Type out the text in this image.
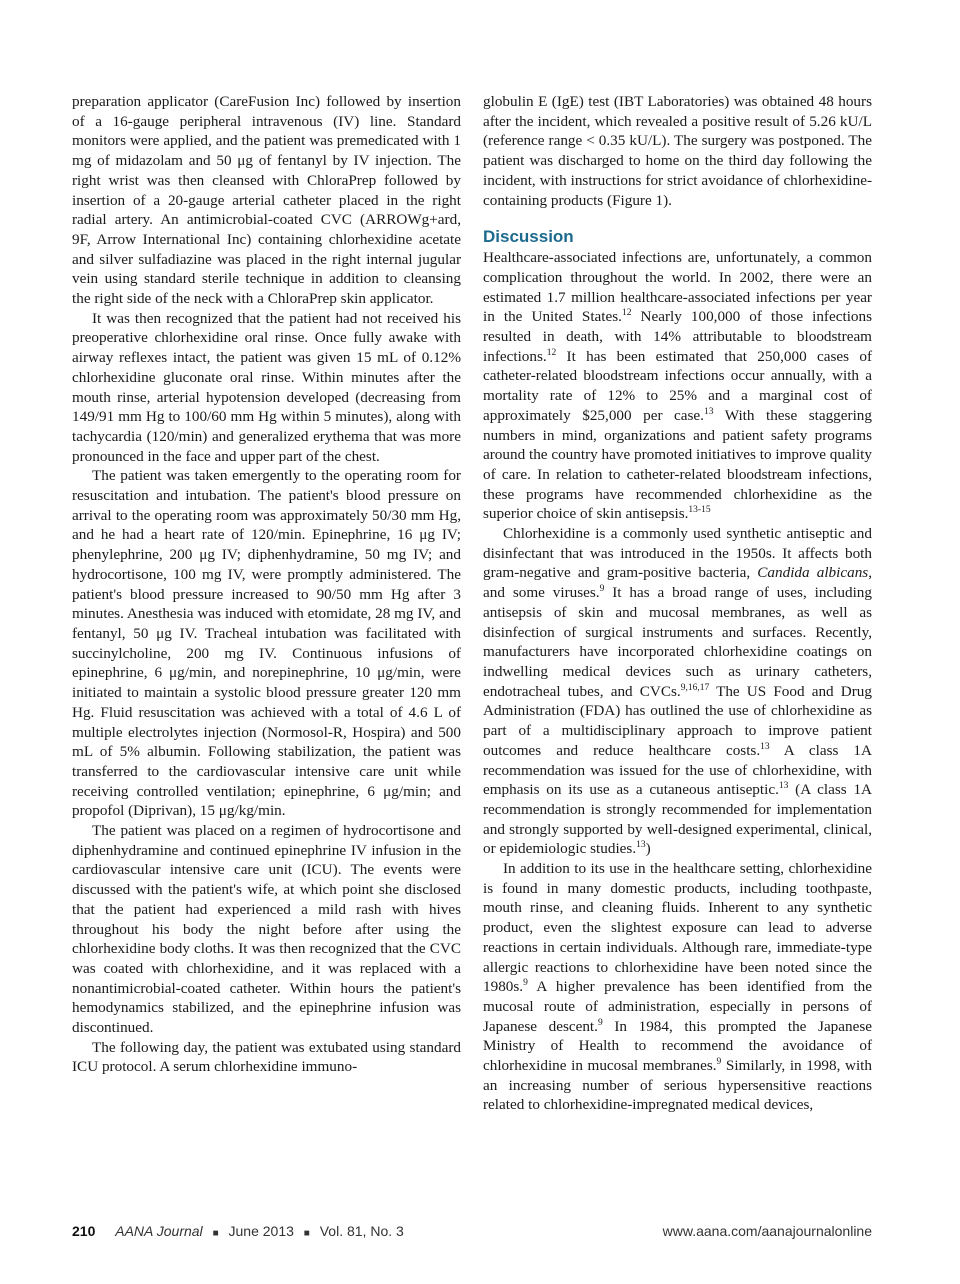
preparation applicator (CareFusion Inc) followed by insertion of a 16-gauge peripheral intravenous (IV) line. Standard monitors were applied, and the patient was premedicated with 1 mg of midazolam and 50 μg of fentanyl by IV injection. The right wrist was then cleansed with ChloraPrep followed by insertion of a 20-gauge arterial catheter placed in the right radial artery. An antimicrobial-coated CVC (ARROWg+ard, 9F, Arrow International Inc) containing chlorhexidine acetate and silver sulfadiazine was placed in the right internal jugular vein using standard sterile technique in addition to cleansing the right side of the neck with a ChloraPrep skin applicator.

It was then recognized that the patient had not received his preoperative chlorhexidine oral rinse. Once fully awake with airway reflexes intact, the patient was given 15 mL of 0.12% chlorhexidine gluconate oral rinse. Within minutes after the mouth rinse, arterial hypotension developed (decreasing from 149/91 mm Hg to 100/60 mm Hg within 5 minutes), along with tachycardia (120/min) and generalized erythema that was more pronounced in the face and upper part of the chest.

The patient was taken emergently to the operating room for resuscitation and intubation. The patient's blood pressure on arrival to the operating room was approximately 50/30 mm Hg, and he had a heart rate of 120/min. Epinephrine, 16 μg IV; phenylephrine, 200 μg IV; diphenhydramine, 50 mg IV; and hydrocortisone, 100 mg IV, were promptly administered. The patient's blood pressure increased to 90/50 mm Hg after 3 minutes. Anesthesia was induced with etomidate, 28 mg IV, and fentanyl, 50 μg IV. Tracheal intubation was facilitated with succinylcholine, 200 mg IV. Continuous infusions of epinephrine, 6 μg/min, and norepinephrine, 10 μg/min, were initiated to maintain a systolic blood pressure greater 120 mm Hg. Fluid resuscitation was achieved with a total of 4.6 L of multiple electrolytes injection (Normosol-R, Hospira) and 500 mL of 5% albumin. Following stabilization, the patient was transferred to the cardiovascular intensive care unit while receiving controlled ventilation; epinephrine, 6 μg/min; and propofol (Diprivan), 15 μg/kg/min.

The patient was placed on a regimen of hydrocortisone and diphenhydramine and continued epinephrine IV infusion in the cardiovascular intensive care unit (ICU). The events were discussed with the patient's wife, at which point she disclosed that the patient had experienced a mild rash with hives throughout his body the night before after using the chlorhexidine body cloths. It was then recognized that the CVC was coated with chlorhexidine, and it was replaced with a nonantimicrobial-coated catheter. Within hours the patient's hemodynamics stabilized, and the epinephrine infusion was discontinued.

The following day, the patient was extubated using standard ICU protocol. A serum chlorhexidine immuno-

globulin E (IgE) test (IBT Laboratories) was obtained 48 hours after the incident, which revealed a positive result of 5.26 kU/L (reference range < 0.35 kU/L). The surgery was postponed. The patient was discharged to home on the third day following the incident, with instructions for strict avoidance of chlorhexidine-containing products (Figure 1).

Discussion

Healthcare-associated infections are, unfortunately, a common complication throughout the world. In 2002, there were an estimated 1.7 million healthcare-associated infections per year in the United States.$^{12}$ Nearly 100,000 of those infections resulted in death, with 14% attributable to bloodstream infections.$^{12}$ It has been estimated that 250,000 cases of catheter-related bloodstream infections occur annually, with a mortality rate of 12% to 25% and a marginal cost of approximately $25,000 per case.$^{13}$ With these staggering numbers in mind, organizations and patient safety programs around the country have promoted initiatives to improve quality of care. In relation to catheter-related bloodstream infections, these programs have recommended chlorhexidine as the superior choice of skin antisepsis.$^{13-15}$

Chlorhexidine is a commonly used synthetic antiseptic and disinfectant that was introduced in the 1950s. It affects both gram-negative and gram-positive bacteria, Candida albicans, and some viruses.$^9$ It has a broad range of uses, including antisepsis of skin and mucosal membranes, as well as disinfection of surgical instruments and surfaces. Recently, manufacturers have incorporated chlorhexidine coatings on indwelling medical devices such as urinary catheters, endotracheal tubes, and CVCs.$^{9,16,17}$ The US Food and Drug Administration (FDA) has outlined the use of chlorhexidine as part of a multidisciplinary approach to improve patient outcomes and reduce healthcare costs.$^{13}$ A class 1A recommendation was issued for the use of chlorhexidine, with emphasis on its use as a cutaneous antiseptic.$^{13}$ (A class 1A recommendation is strongly recommended for implementation and strongly supported by well-designed experimental, clinical, or epidemiologic studies.$^{13}$)

In addition to its use in the healthcare setting, chlorhexidine is found in many domestic products, including toothpaste, mouth rinse, and cleaning fluids. Inherent to any synthetic product, even the slightest exposure can lead to adverse reactions in certain individuals. Although rare, immediate-type allergic reactions to chlorhexidine have been noted since the 1980s.$^9$ A higher prevalence has been identified from the mucosal route of administration, especially in persons of Japanese descent.$^9$ In 1984, this prompted the Japanese Ministry of Health to recommend the avoidance of chlorhexidine in mucosal membranes.$^9$ Similarly, in 1998, with an increasing number of serious hypersensitive reactions related to chlorhexidine-impregnated medical devices,

210 AANA Journal ■ June 2013 ■ Vol. 81, No. 3	www.aana.com/aanajournalonline
